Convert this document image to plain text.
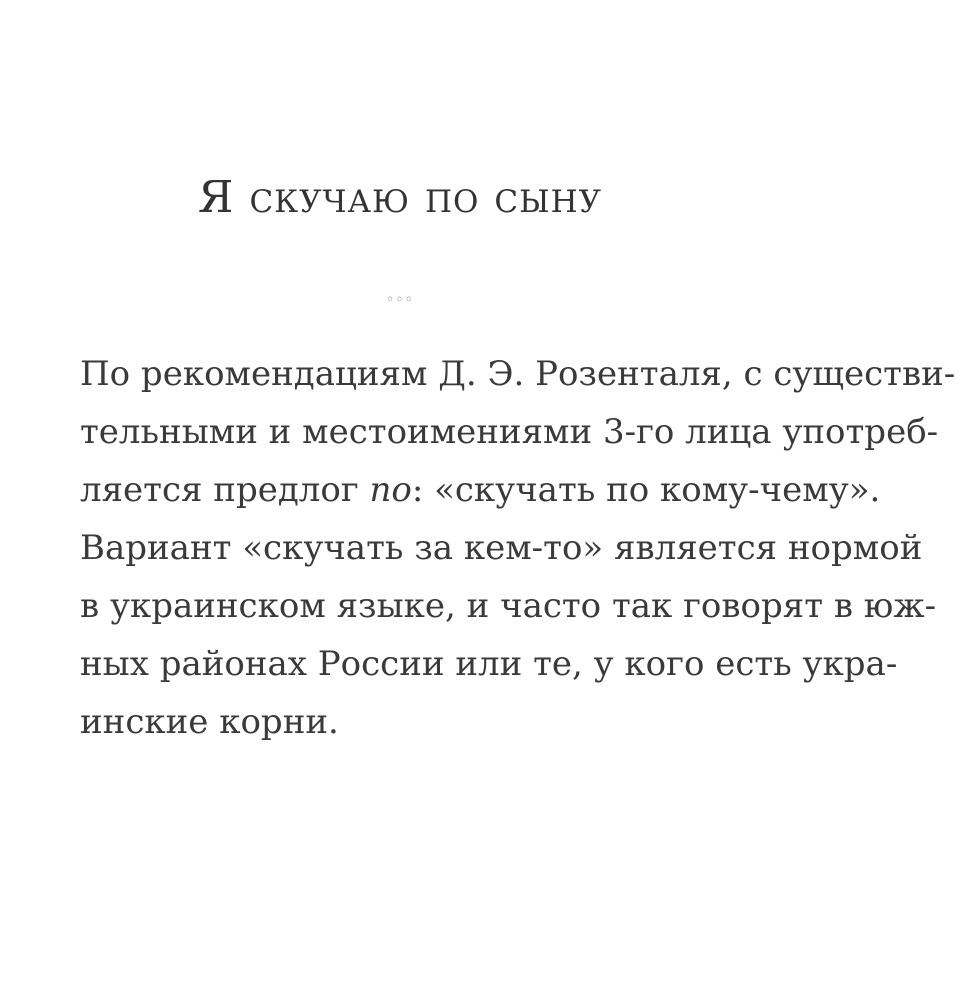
Я скучаю по сыну
◦◦◦

По рекомендациям Д. Э. Розенталя, с существи-
тельными и местоимениями 3-го лица употреб-
ляется предлог по: «скучать по кому-чему».
Вариант «скучать за кем-то» является нормой
в украинском языке, и часто так говорят в юж-
ных районах России или те, у кого есть укра-
инские корни.
